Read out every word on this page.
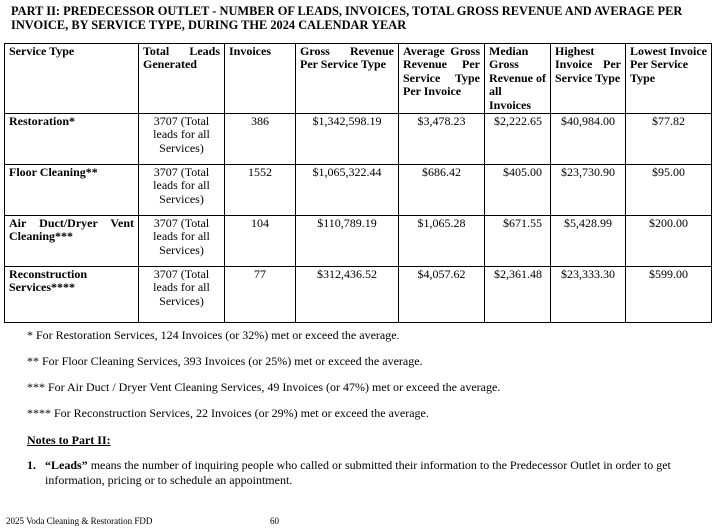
PART II: PREDECESSOR OUTLET - NUMBER OF LEADS, INVOICES, TOTAL GROSS REVENUE AND AVERAGE PER INVOICE, BY SERVICE TYPE, DURING THE 2024 CALENDAR YEAR

Service Type	Total Leads Generated	Invoices	Gross Revenue Per Service Type	Average Gross Revenue Per Service Type Per Invoice	Median Gross Revenue of all Invoices	Highest Invoice Per Service Type	Lowest Invoice Per Service Type
Restoration*	3707 (Total leads for all Services)	386	$1,342,598.19	$3,478.23	$2,222.65	$40,984.00	$77.82
Floor Cleaning**	3707 (Total leads for all Services)	1552	$1,065,322.44	$686.42	$405.00	$23,730.90	$95.00
Air Duct/Dryer Vent Cleaning***	3707 (Total leads for all Services)	104	$110,789.19	$1,065.28	$671.55	$5,428.99	$200.00
Reconstruction Services****	3707 (Total leads for all Services)	77	$312,436.52	$4,057.62	$2,361.48	$23,333.30	$599.00

* For Restoration Services, 124 Invoices (or 32%) met or exceed the average.

** For Floor Cleaning Services, 393 Invoices (or 25%) met or exceed the average.

*** For Air Duct / Dryer Vent Cleaning Services, 49 Invoices (or 47%) met or exceed the average.

**** For Reconstruction Services, 22 Invoices (or 29%) met or exceed the average.

Notes to Part II:

1. “Leads” means the number of inquiring people who called or submitted their information to the Predecessor Outlet in order to get information, pricing or to schedule an appointment.
2025 Voda Cleaning & Restoration FDD	60
